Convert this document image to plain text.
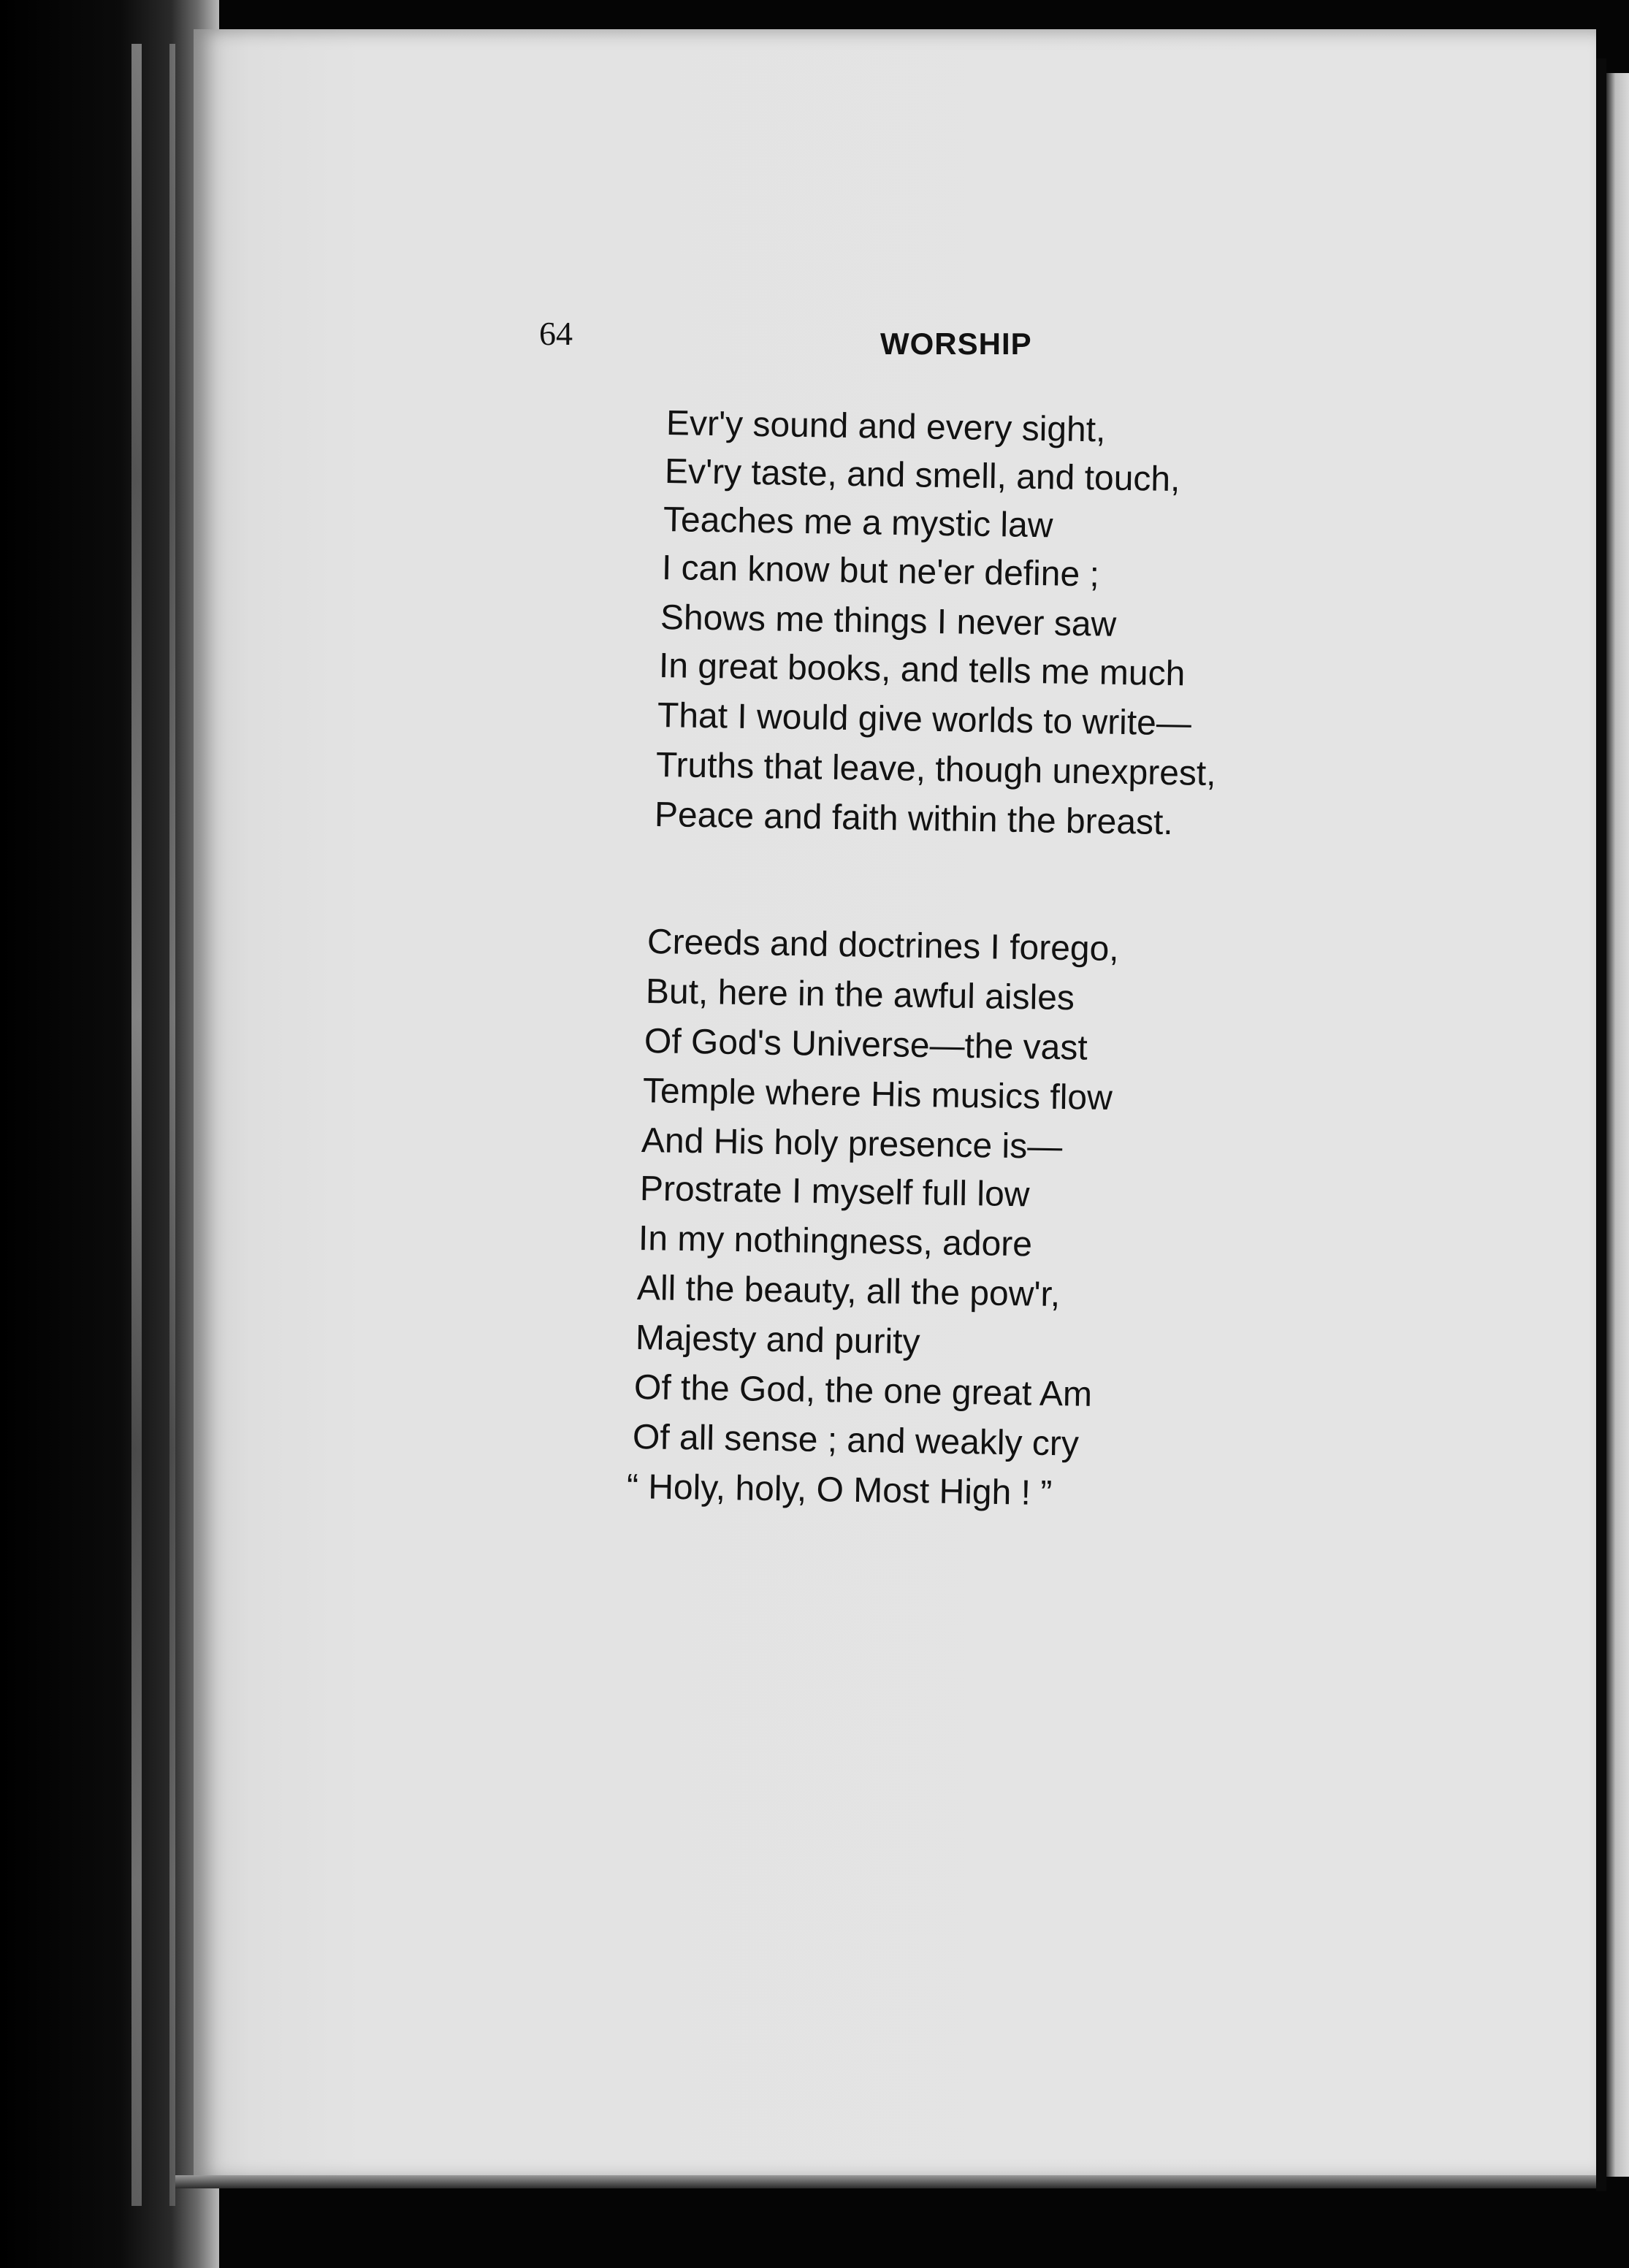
64	WORSHIP
Evr'y sound and every sight,
Ev'ry taste, and smell, and touch,
Teaches me a mystic law
I can know but ne'er define ;
Shows me things I never saw
In great books, and tells me much
That I would give worlds to write—
Truths that leave, though unexprest,
Peace and faith within the breast.
Creeds and doctrines I forego,
But, here in the awful aisles
Of God's Universe—the vast
Temple where His musics flow
And His holy presence is—
Prostrate I myself full low
In my nothingness, adore
All the beauty, all the pow'r,
Majesty and purity
Of the God, the one great Am
Of all sense ; and weakly cry
“ Holy, holy, O Most High ! ”
